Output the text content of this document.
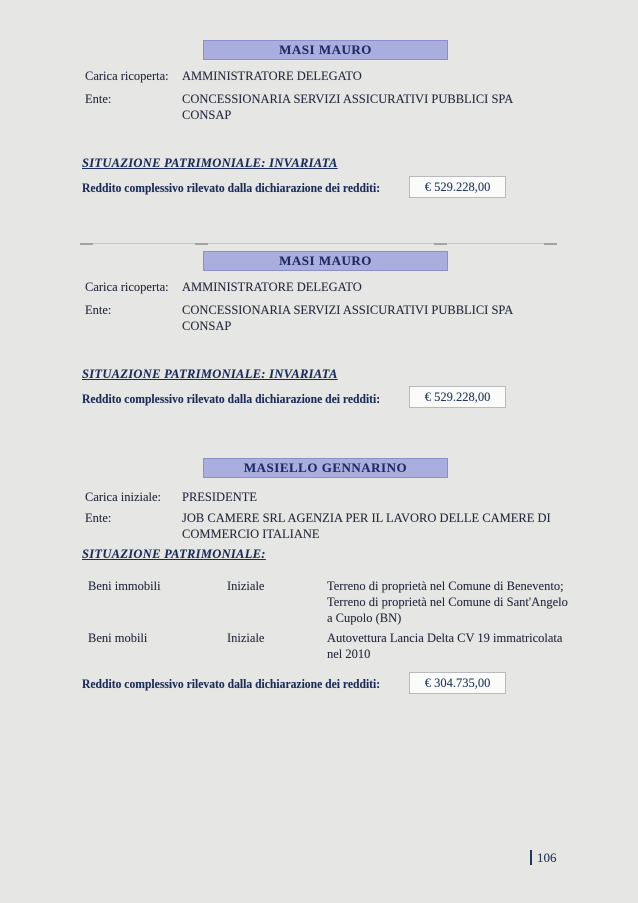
MASI MAURO
Carica ricoperta: AMMINISTRATORE DELEGATO
Ente:	CONCESSIONARIA SERVIZI ASSICURATIVI PUBBLICI SPA
CONSAP
SITUAZIONE PATRIMONIALE: INVARIATA
Reddito complessivo rilevato dalla dichiarazione dei redditi:	€ 529.228,00
MASI MAURO
Carica ricoperta: AMMINISTRATORE DELEGATO
Ente:	CONCESSIONARIA SERVIZI ASSICURATIVI PUBBLICI SPA
CONSAP
SITUAZIONE PATRIMONIALE: INVARIATA
Reddito complessivo rilevato dalla dichiarazione dei redditi:	€ 529.228,00
MASIELLO GENNARINO
Carica iniziale: PRESIDENTE
Ente:	JOB CAMERE SRL AGENZIA PER IL LAVORO DELLE CAMERE DI
COMMERCIO ITALIANE
SITUAZIONE PATRIMONIALE:
Beni immobili	Iniziale	Terreno di proprietà nel Comune di Benevento;
Terreno di proprietà nel Comune di Sant'Angelo
a Cupolo (BN)
Beni mobili	Iniziale	Autovettura Lancia Delta CV 19 immatricolata
nel 2010
Reddito complessivo rilevato dalla dichiarazione dei redditi:	€ 304.735,00
106
